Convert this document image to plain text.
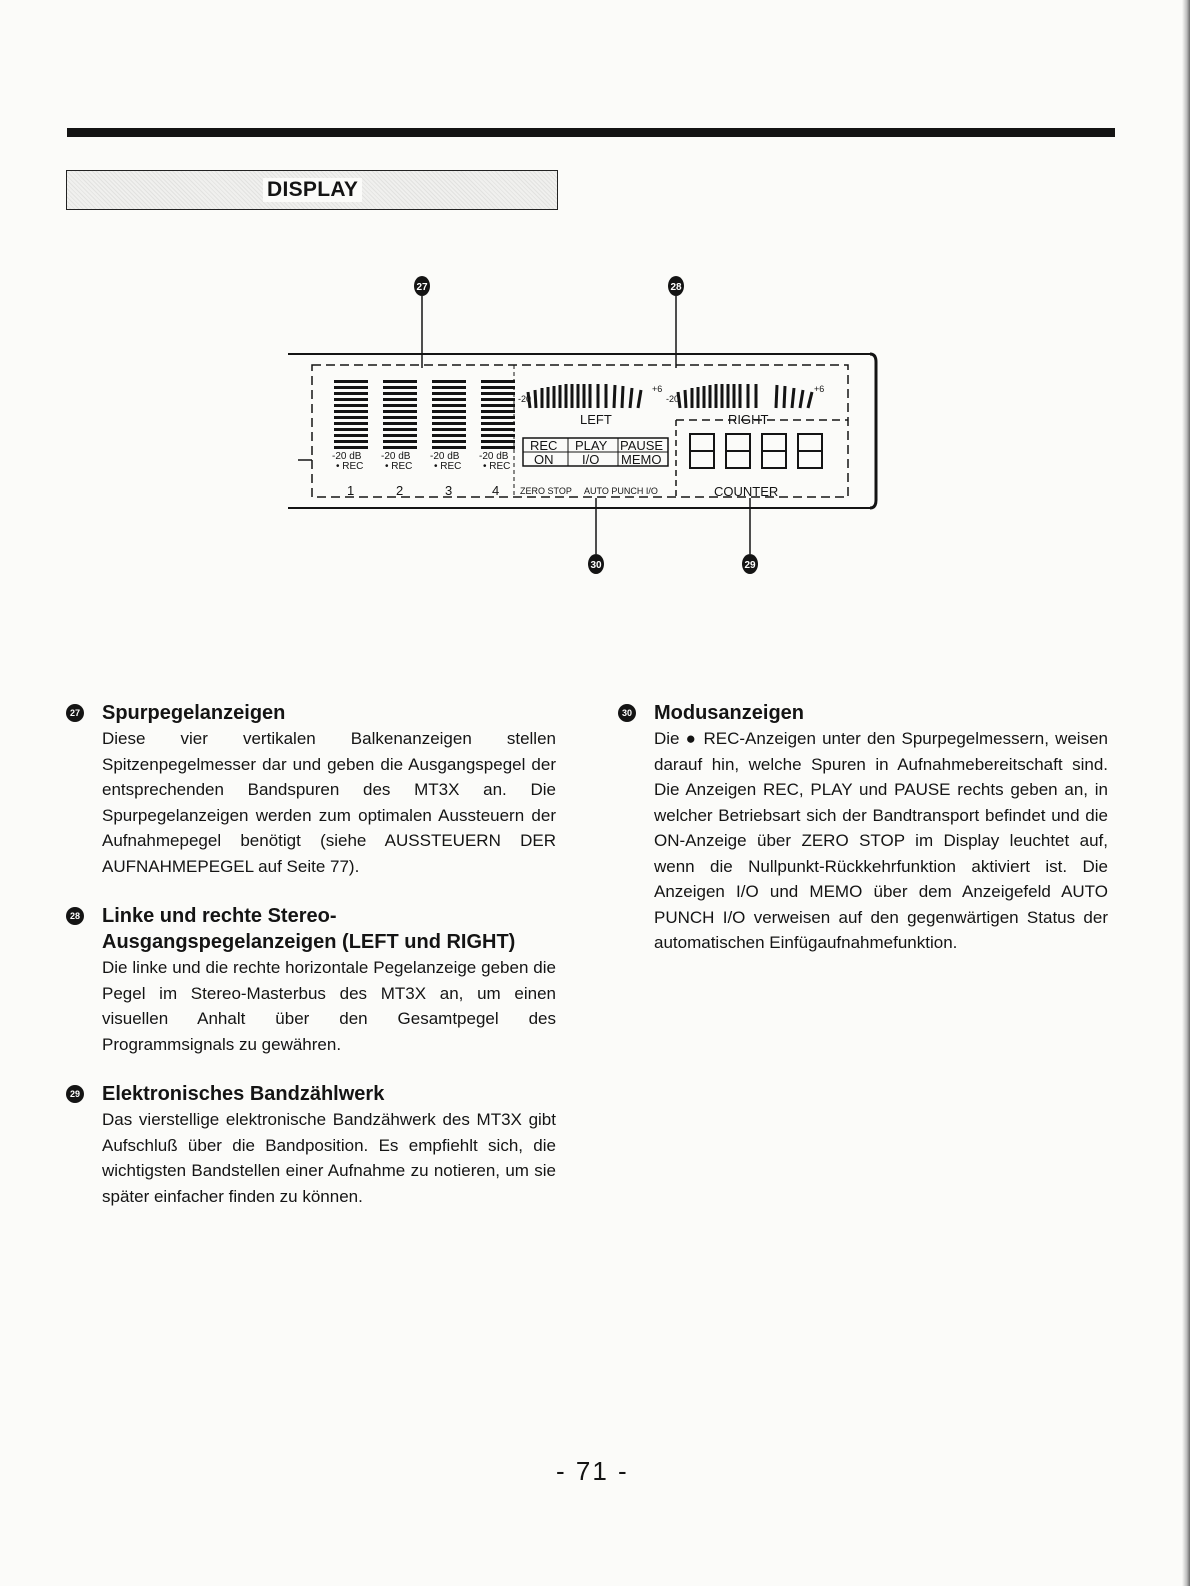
DISPLAY
-20 dB -20 dB -20 dB -20 dB
• REC • REC • REC • REC
1	2	3	4
-20
+6
-20
+6
LEFT	RIGHT
REC PLAY PAUSE
ON I/O MEMO
ZERO STOP AUTO PUNCH I/O	COUNTER
27	28
30	29
27 Spurpegelanzeigen
Diese vier vertikalen Balkenanzeigen stellen Spitzenpegelmesser dar und geben die Ausgangspegel der entsprechenden Bandspuren des MT3X an. Die Spurpegelanzeigen werden zum optimalen Aussteuern der Aufnahmepegel benötigt (siehe AUSSTEUERN DER AUFNAHMEPEGEL auf Seite 77).
28 Linke und rechte Stereo-Ausgangspegelanzeigen (LEFT und RIGHT)
Die linke und die rechte horizontale Pegelanzeige geben die Pegel im Stereo-Masterbus des MT3X an, um einen visuellen Anhalt über den Gesamtpegel des Programmsignals zu gewähren.
29 Elektronisches Bandzählwerk
Das vierstellige elektronische Bandzähwerk des MT3X gibt Aufschluß über die Bandposition. Es empfiehlt sich, die wichtigsten Bandstellen einer Aufnahme zu notieren, um sie später einfacher finden zu können.
30 Modusanzeigen
Die ● REC-Anzeigen unter den Spurpegelmessern, weisen darauf hin, welche Spuren in Aufnahmebereitschaft sind. Die Anzeigen REC, PLAY und PAUSE rechts geben an, in welcher Betriebsart sich der Bandtransport befindet und die ON-Anzeige über ZERO STOP im Display leuchtet auf, wenn die Nullpunkt-Rückkehrfunktion aktiviert ist. Die Anzeigen I/O und MEMO über dem Anzeigefeld AUTO PUNCH I/O verweisen auf den gegenwärtigen Status der automatischen Einfügaufnahmefunktion.
- 71 -
